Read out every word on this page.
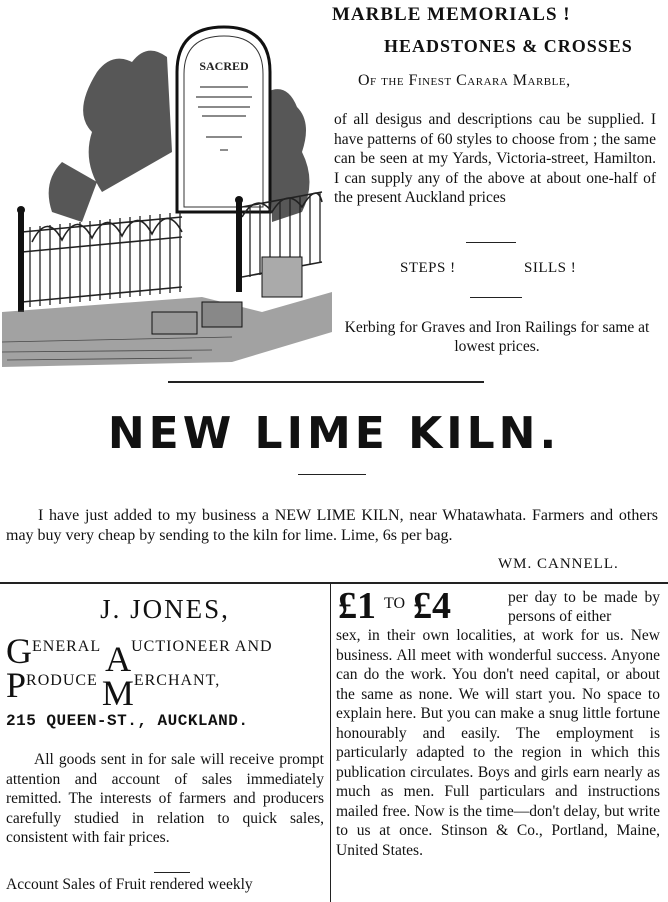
SACRED
MARBLE MEMORIALS !
HEADSTONES & CROSSES
Of the Finest Carara Marble,
of all desigus and descriptions cau be supplied. I have patterns of 60 styles to choose from ; the same can be seen at my Yards, Victoria-street, Hamilton. I can supply any of the above at about one-half of the present Auckland prices
STEPS !	SILLS !
Kerbing for Graves and Iron Railings for same at lowest prices.
NEW LIME KILN.
I have just added to my business a NEW LIME KILN, near Whatawhata. Farmers and others may buy very cheap by sending to the kiln for lime. Lime, 6s per bag.
WM. CANNELL.
J. JONES,
GENERAL AUCTIONEER AND
PRODUCE MERCHANT,
215 QUEEN-ST., AUCKLAND.
All goods sent in for sale will receive prompt attention and account of sales immediately remitted. The interests of farmers and producers carefully studied in relation to quick sales, consistent with fair prices.
Account Sales of Fruit rendered weekly
£1 TO £4	per day to be made by persons of either
sex, in their own localities, at work for us. New business. All meet with wonderful success. Anyone can do the work. You don't need capital, or about the same as none. We will start you. No space to explain here. But you can make a snug little fortune honourably and easily. The employment is particularly adapted to the region in which this publication circulates. Boys and girls earn nearly as much as men. Full particulars and instructions mailed free. Now is the time—don't delay, but write to us at once. Stinson & Co., Portland, Maine, United States.
